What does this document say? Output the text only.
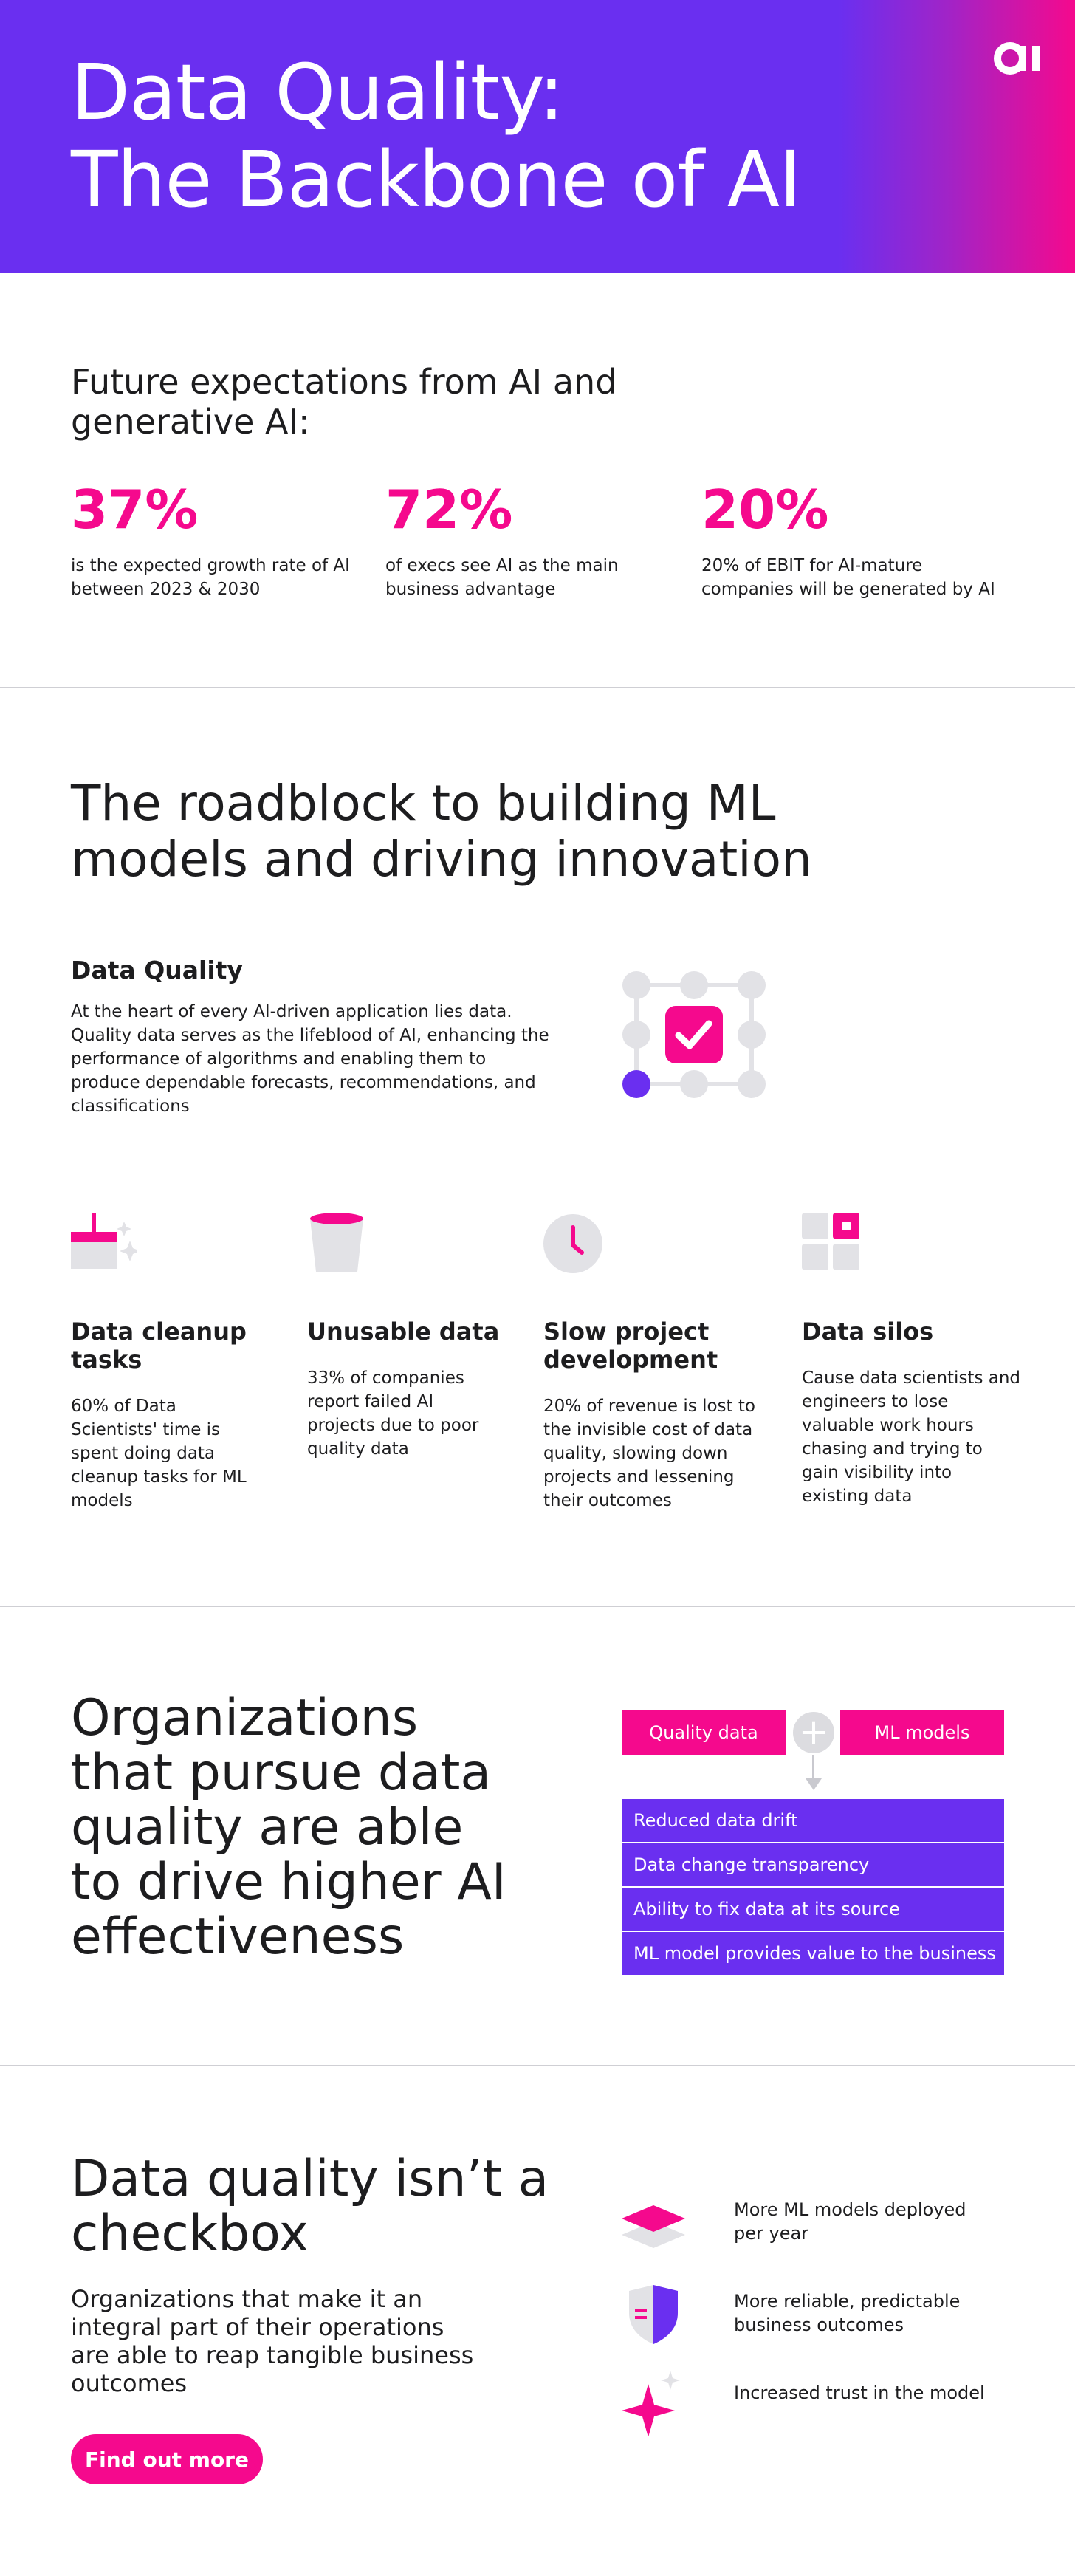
Data Quality:
The Backbone of AI
Future expectations from AI and generative AI:
37%
is the expected growth rate of AI between 2023 & 2030
72%
of execs see AI as the main business advantage
20%
20% of EBIT for AI-mature companies will be generated by AI
The roadblock to building ML models and driving innovation
Data Quality

At the heart of every AI-driven application lies data. Quality data serves as the lifeblood of AI, enhancing the performance of algorithms and enabling them to produce dependable forecasts, recommendations, and classifications

Data cleanup tasks
60% of Data Scientists' time is spent doing data cleanup tasks for ML models
Unusable data
33% of companies report failed AI projects due to poor quality data
Slow project development
20% of revenue is lost to the invisible cost of data quality, slowing down projects and lessening their outcomes
Data silos
Cause data scientists and engineers to lose valuable work hours chasing and trying to gain visibility into existing data
Organizations that pursue data quality are able to drive higher AI effectiveness
Quality data	+	ML models
Reduced data drift
Data change transparency
Ability to fix data at its source
ML model provides value to the business
Data quality isn’t a checkbox

Organizations that make it an integral part of their operations are able to reap tangible business outcomes

Find out more
More ML models deployed per year
More reliable, predictable business outcomes
Increased trust in the model
